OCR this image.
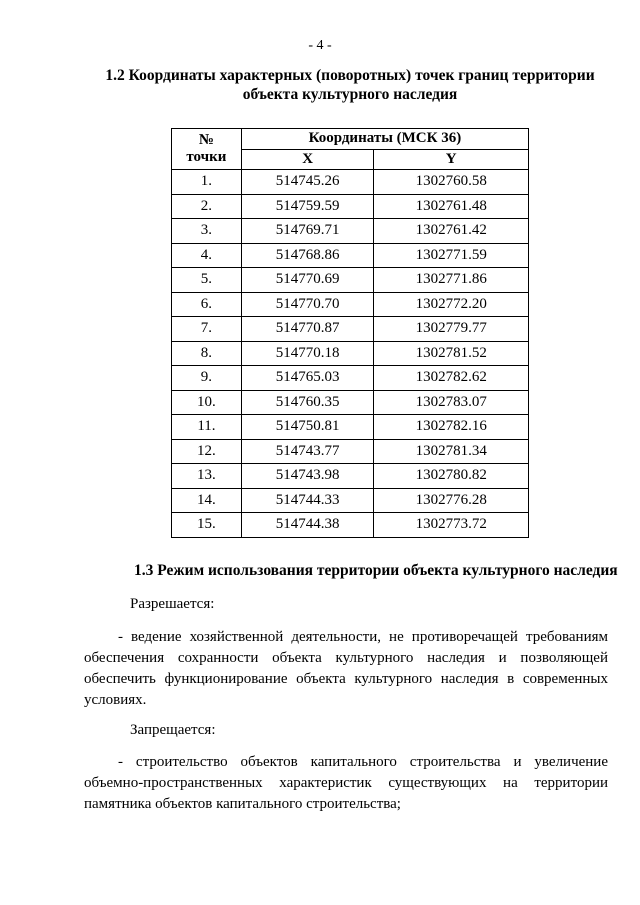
- 4 -
1.2 Координаты характерных (поворотных) точек границ территории
объекта культурного наследия
№
точки	Координаты (МСК 36)	
	X	Y
1.	514745.26	1302760.58
2.	514759.59	1302761.48
3.	514769.71	1302761.42
4.	514768.86	1302771.59
5.	514770.69	1302771.86
6.	514770.70	1302772.20
7.	514770.87	1302779.77
8.	514770.18	1302781.52
9.	514765.03	1302782.62
10.	514760.35	1302783.07
11.	514750.81	1302782.16
12.	514743.77	1302781.34
13.	514743.98	1302780.82
14.	514744.33	1302776.28
15.	514744.38	1302773.72
1.3 Режим использования территории объекта культурного наследия
Разрешается:
- ведение хозяйственной деятельности, не противоречащей требованиям обеспечения сохранности объекта культурного наследия и позволяющей обеспечить функционирование объекта культурного наследия в современных условиях.
Запрещается:
- строительство объектов капитального строительства и увеличение объемно-пространственных характеристик существующих на территории памятника объектов капитального строительства;
